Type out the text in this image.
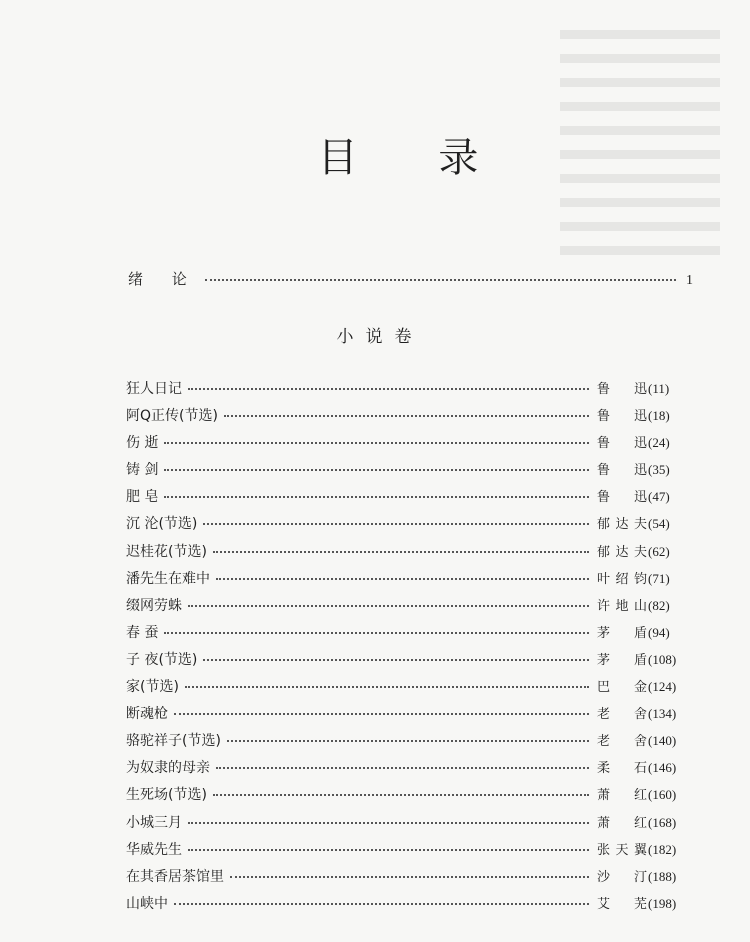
目 录
绪 论	1
小说卷
狂人日记	鲁 迅 (11)
阿Q正传(节选)	鲁 迅 (18)
伤 逝	鲁 迅 (24)
铸 剑	鲁 迅 (35)
肥 皂	鲁 迅 (47)
沉 沦(节选)	郁达夫 (54)
迟桂花(节选)	郁达夫 (62)
潘先生在难中	叶绍钧 (71)
缀网劳蛛	许地山 (82)
春 蚕	茅 盾 (94)
子 夜(节选)	茅 盾 (108)
家(节选)	巴 金 (124)
断魂枪	老 舍 (134)
骆驼祥子(节选)	老 舍 (140)
为奴隶的母亲	柔 石 (146)
生死场(节选)	萧 红 (160)
小城三月	萧 红 (168)
华威先生	张天翼 (182)
在其香居茶馆里	沙 汀 (188)
山峡中	艾 芜 (198)
